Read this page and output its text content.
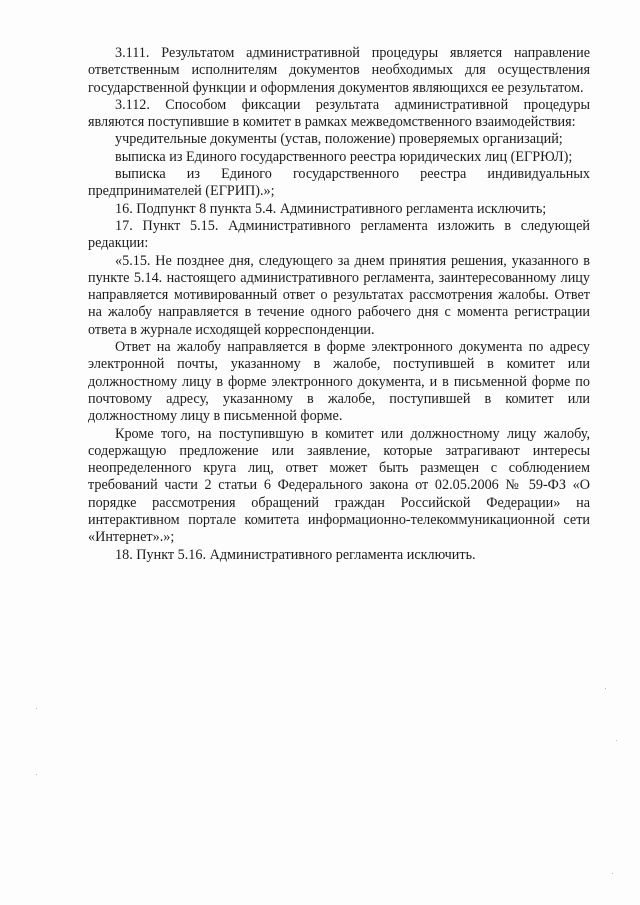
3.111. Результатом административной процедуры является направление ответственным исполнителям документов необходимых для осуществления государственной функции и оформления документов являющихся ее результатом.

3.112. Способом фиксации результата административной процедуры являются поступившие в комитет в рамках межведомственного взаимодействия:

учредительные документы (устав, положение) проверяемых организаций;

выписка из Единого государственного реестра юридических лиц (ЕГРЮЛ);

выписка из Единого государственного реестра индивидуальных предпринимателей (ЕГРИП).»;

16. Подпункт 8 пункта 5.4. Административного регламента исключить;

17. Пункт 5.15. Административного регламента изложить в следующей редакции:

«5.15. Не позднее дня, следующего за днем принятия решения, указанного в пункте 5.14. настоящего административного регламента, заинтересованному лицу направляется мотивированный ответ о результатах рассмотрения жалобы. Ответ на жалобу направляется в течение одного рабочего дня с момента регистрации ответа в журнале исходящей корреспонденции.

Ответ на жалобу направляется в форме электронного документа по адресу электронной почты, указанному в жалобе, поступившей в комитет или должностному лицу в форме электронного документа, и в письменной форме по почтовому адресу, указанному в жалобе, поступившей в комитет или должностному лицу в письменной форме.

Кроме того, на поступившую в комитет или должностному лицу жалобу, содержащую предложение или заявление, которые затрагивают интересы неопределенного круга лиц, ответ может быть размещен с соблюдением требований части 2 статьи 6 Федерального закона от 02.05.2006 № 59-ФЗ «О порядке рассмотрения обращений граждан Российской Федерации» на интерактивном портале комитета информационно-телекоммуникационной сети «Интернет».»;

18. Пункт 5.16. Административного регламента исключить.
